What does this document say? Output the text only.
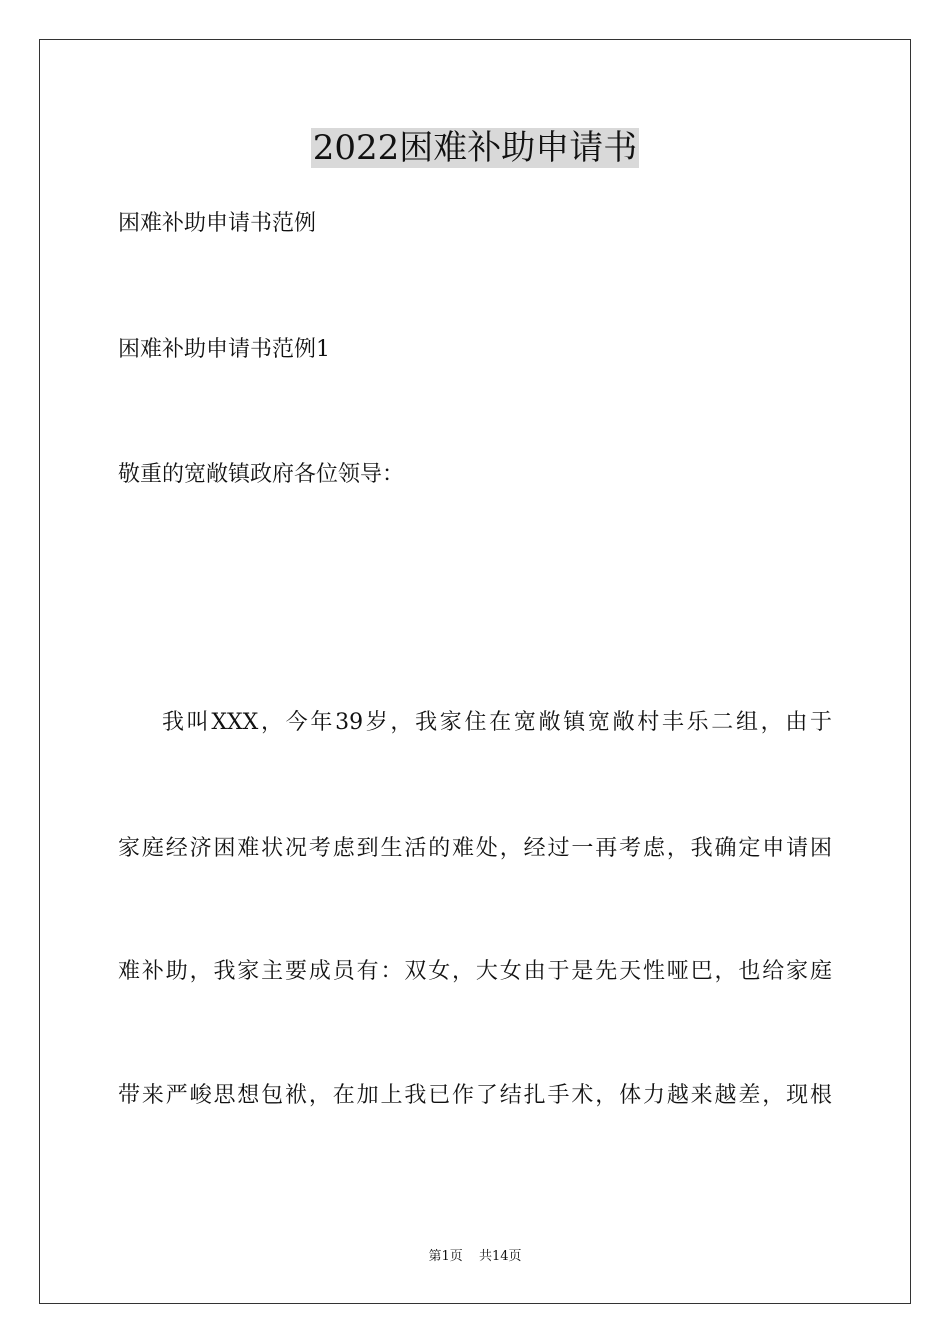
2022困难补助申请书

困难补助申请书范例

困难补助申请书范例1

敬重的宽敞镇政府各位领导：

我叫XXX，今年39岁，我家住在宽敞镇宽敞村丰乐二组，由于

家庭经济困难状况考虑到生活的难处，经过一再考虑，我确定申请困

难补助，我家主要成员有：双女，大女由于是先天性哑巴，也给家庭

带来严峻思想包袱，在加上我已作了结扎手术，体力越来越差，现根

第1页 共14页
